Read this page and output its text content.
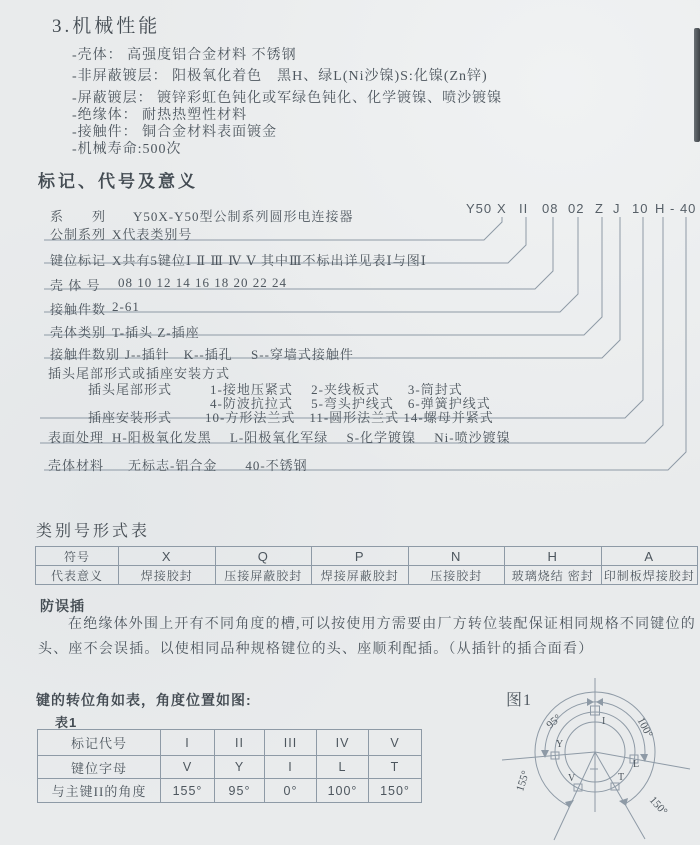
3.机械性能
-壳体： 高强度铝合金材料 不锈钢
-非屏蔽镀层： 阳极氧化着色　黑H、绿L(Ni沙镍)S:化镍(Zn锌)
-屏蔽镀层： 镀锌彩虹色钝化或军绿色钝化、化学镀镍、喷沙镀镍
-绝缘体： 耐热热塑性材料
-接触件： 铜合金材料表面镀金
-机械寿命:500次
标记、代号及意义
Y50 X II 08 02 Z J 10 H - 40
系　　列 Y50X-Y50型公制系列圆形电连接器
公制系列 X代表类别号
键位标记 X共有5键位Ⅰ Ⅱ Ⅲ Ⅳ Ⅴ 其中Ⅲ不标出详见表Ⅰ与图Ⅰ
壳 体 号 08 10 12 14 16 18 20 22 24
接触件数 2-61
壳体类别 T-插头 Z-插座
接触件数别 J--插针　K--插孔 　S--穿墙式接触件
插头尾部形式或插座安装方式
插头尾部形式	1-接地压紧式　 2-夹线板式　　3-筒封式
4-防波抗拉式　 5-弯头护线式　6-弹簧护线式
插座安装形式	10-方形法兰式　11-圆形法兰式 14-螺母并紧式
表面处理 H-阳极氧化发黑　 L-阳极氧化军绿　 S-化学镀镍　 Ni-喷沙镀镍
壳体材料 无标志-铝合金　　40-不锈钢
类别号形式表
符号	X	Q	P	N	H	A
代表意义	焊接胶封	压接屏蔽胶封	焊接屏蔽胶封	压接胶封	玻璃烧结 密封	印制板焊接胶封
防误插
在绝缘体外围上开有不同角度的槽,可以按使用方需要由厂方转位装配保证相同规格不同键位的头、座不会误插。以使相同品种规格键位的头、座顺利配插。（从插针的插合面看）
键的转位角如表，角度位置如图:
表1
标记代号	I	II	III	IV	V
键位字母	V	Y	I	L	T
与主键II的角度	155°	95°	0°	100°	150°
95°	100°
155°
150°
I
Y
V
L
T
图1
